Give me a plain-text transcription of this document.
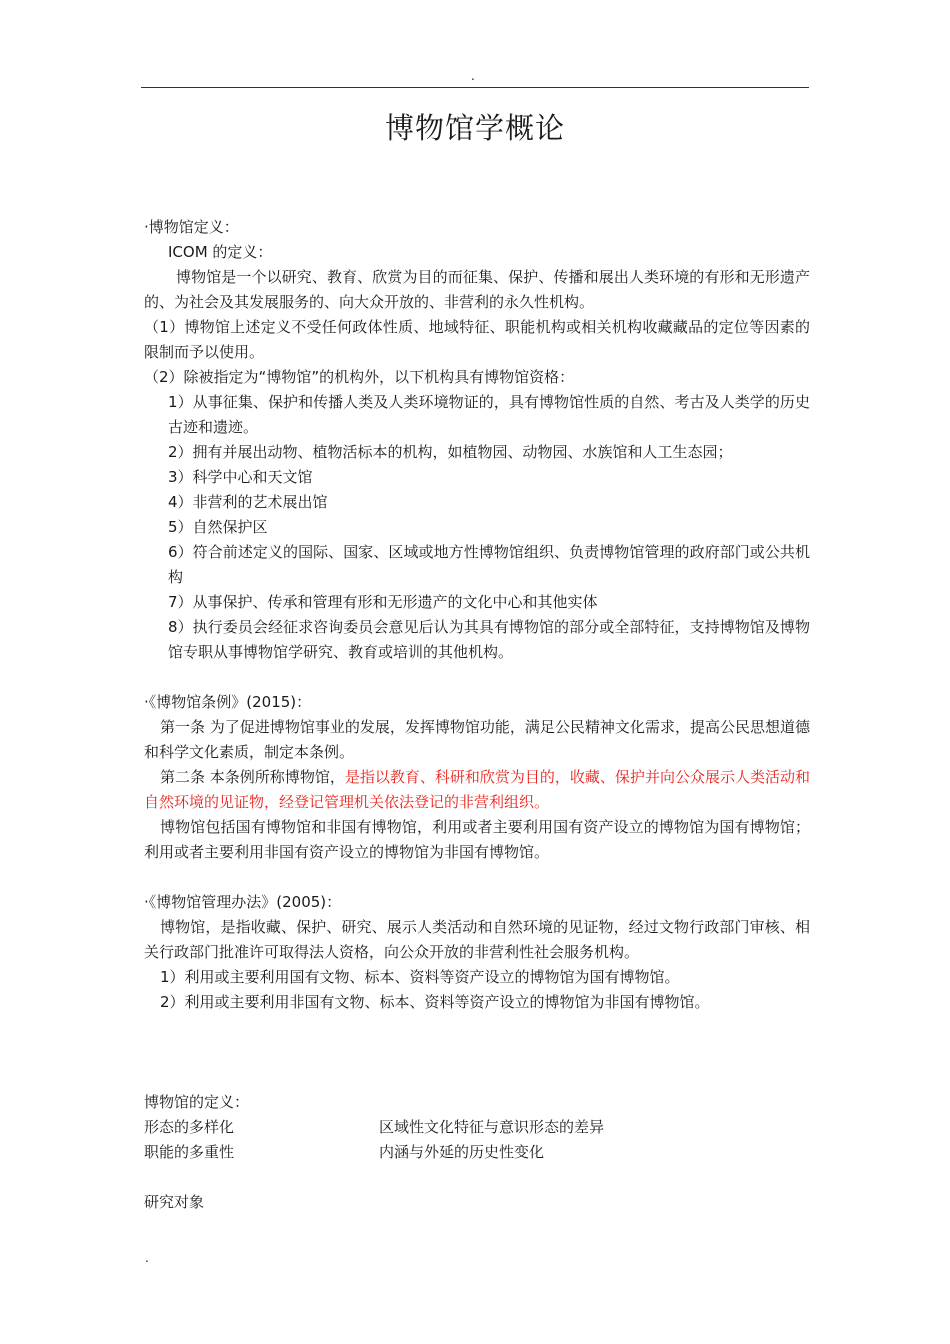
.
博物馆学概论

·博物馆定义：

ICOM 的定义：

博物馆是一个以研究、教育、欣赏为目的而征集、保护、传播和展出人类环境的有形和无形遗产的、为社会及其发展服务的、向大众开放的、非营利的永久性机构。

（1）博物馆上述定义不受任何政体性质、地域特征、职能机构或相关机构收藏藏品的定位等因素的限制而予以使用。

（2）除被指定为“博物馆”的机构外，以下机构具有博物馆资格：

1）从事征集、保护和传播人类及人类环境物证的，具有博物馆性质的自然、考古及人类学的历史古迹和遗迹。

2）拥有并展出动物、植物活标本的机构，如植物园、动物园、水族馆和人工生态园；

3）科学中心和天文馆

4）非营利的艺术展出馆

5）自然保护区

6）符合前述定义的国际、国家、区域或地方性博物馆组织、负责博物馆管理的政府部门或公共机构

7）从事保护、传承和管理有形和无形遗产的文化中心和其他实体

8）执行委员会经征求咨询委员会意见后认为其具有博物馆的部分或全部特征，支持博物馆及博物馆专职从事博物馆学研究、教育或培训的其他机构。

·《博物馆条例》(2015)：

第一条 为了促进博物馆事业的发展，发挥博物馆功能，满足公民精神文化需求，提高公民思想道德和科学文化素质，制定本条例。

第二条 本条例所称博物馆，是指以教育、科研和欣赏为目的，收藏、保护并向公众展示人类活动和自然环境的见证物，经登记管理机关依法登记的非营利组织。

博物馆包括国有博物馆和非国有博物馆，利用或者主要利用国有资产设立的博物馆为国有博物馆；利用或者主要利用非国有资产设立的博物馆为非国有博物馆。

·《博物馆管理办法》(2005)：

博物馆，是指收藏、保护、研究、展示人类活动和自然环境的见证物，经过文物行政部门审核、相关行政部门批准许可取得法人资格，向公众开放的非营利性社会服务机构。

1）利用或主要利用国有文物、标本、资料等资产设立的博物馆为国有博物馆。

2）利用或主要利用非国有文物、标本、资料等资产设立的博物馆为非国有博物馆。

博物馆的定义：

形态的多样化	区域性文化特征与意识形态的差异
职能的多重性	内涵与外延的历史性变化

研究对象

.
